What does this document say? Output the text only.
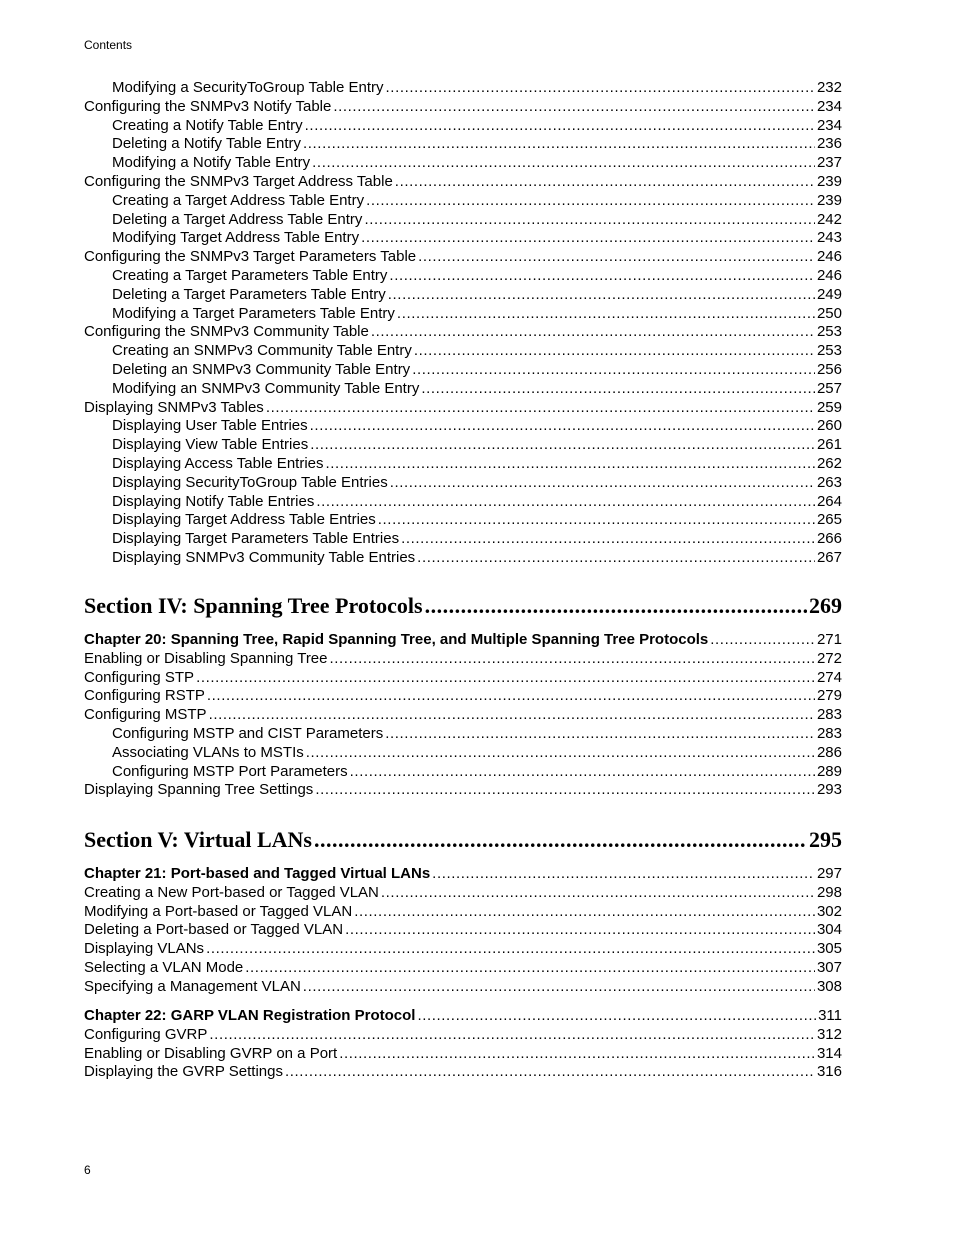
Contents
Modifying a SecurityToGroup Table Entry .....	232
Configuring the SNMPv3 Notify Table .....	234
Creating a Notify Table Entry .....	234
Deleting a Notify Table Entry .....	236
Modifying a Notify Table Entry .....	237
Configuring the SNMPv3 Target Address Table .....	239
Creating a Target Address Table Entry .....	239
Deleting a Target Address Table Entry .....	242
Modifying Target Address Table Entry .....	243
Configuring the SNMPv3 Target Parameters Table .....	246
Creating a Target Parameters Table Entry .....	246
Deleting a Target Parameters Table Entry .....	249
Modifying a Target Parameters Table Entry .....	250
Configuring the SNMPv3 Community Table .....	253
Creating an SNMPv3 Community Table Entry .....	253
Deleting an SNMPv3 Community Table Entry .....	256
Modifying an SNMPv3 Community Table Entry .....	257
Displaying SNMPv3 Tables .....	259
Displaying User Table Entries .....	260
Displaying View Table Entries .....	261
Displaying Access Table Entries .....	262
Displaying SecurityToGroup Table Entries .....	263
Displaying Notify Table Entries .....	264
Displaying Target Address Table Entries .....	265
Displaying Target Parameters Table Entries .....	266
Displaying SNMPv3 Community Table Entries .....	267
Section IV: Spanning Tree Protocols .....	269
Chapter 20: Spanning Tree, Rapid Spanning Tree, and Multiple Spanning Tree Protocols .....	271
Enabling or Disabling Spanning Tree .....	272
Configuring STP .....	274
Configuring RSTP .....	279
Configuring MSTP .....	283
Configuring MSTP and CIST Parameters .....	283
Associating VLANs to MSTIs .....	286
Configuring MSTP Port Parameters .....	289
Displaying Spanning Tree Settings .....	293
Section V: Virtual LANs .....	295
Chapter 21: Port-based and Tagged Virtual LANs .....	297
Creating a New Port-based or Tagged VLAN .....	298
Modifying a Port-based or Tagged VLAN .....	302
Deleting a Port-based or Tagged VLAN .....	304
Displaying VLANs .....	305
Selecting a VLAN Mode .....	307
Specifying a Management VLAN .....	308
Chapter 22: GARP VLAN Registration Protocol .....	311
Configuring GVRP .....	312
Enabling or Disabling GVRP on a Port .....	314
Displaying the GVRP Settings .....	316
6
